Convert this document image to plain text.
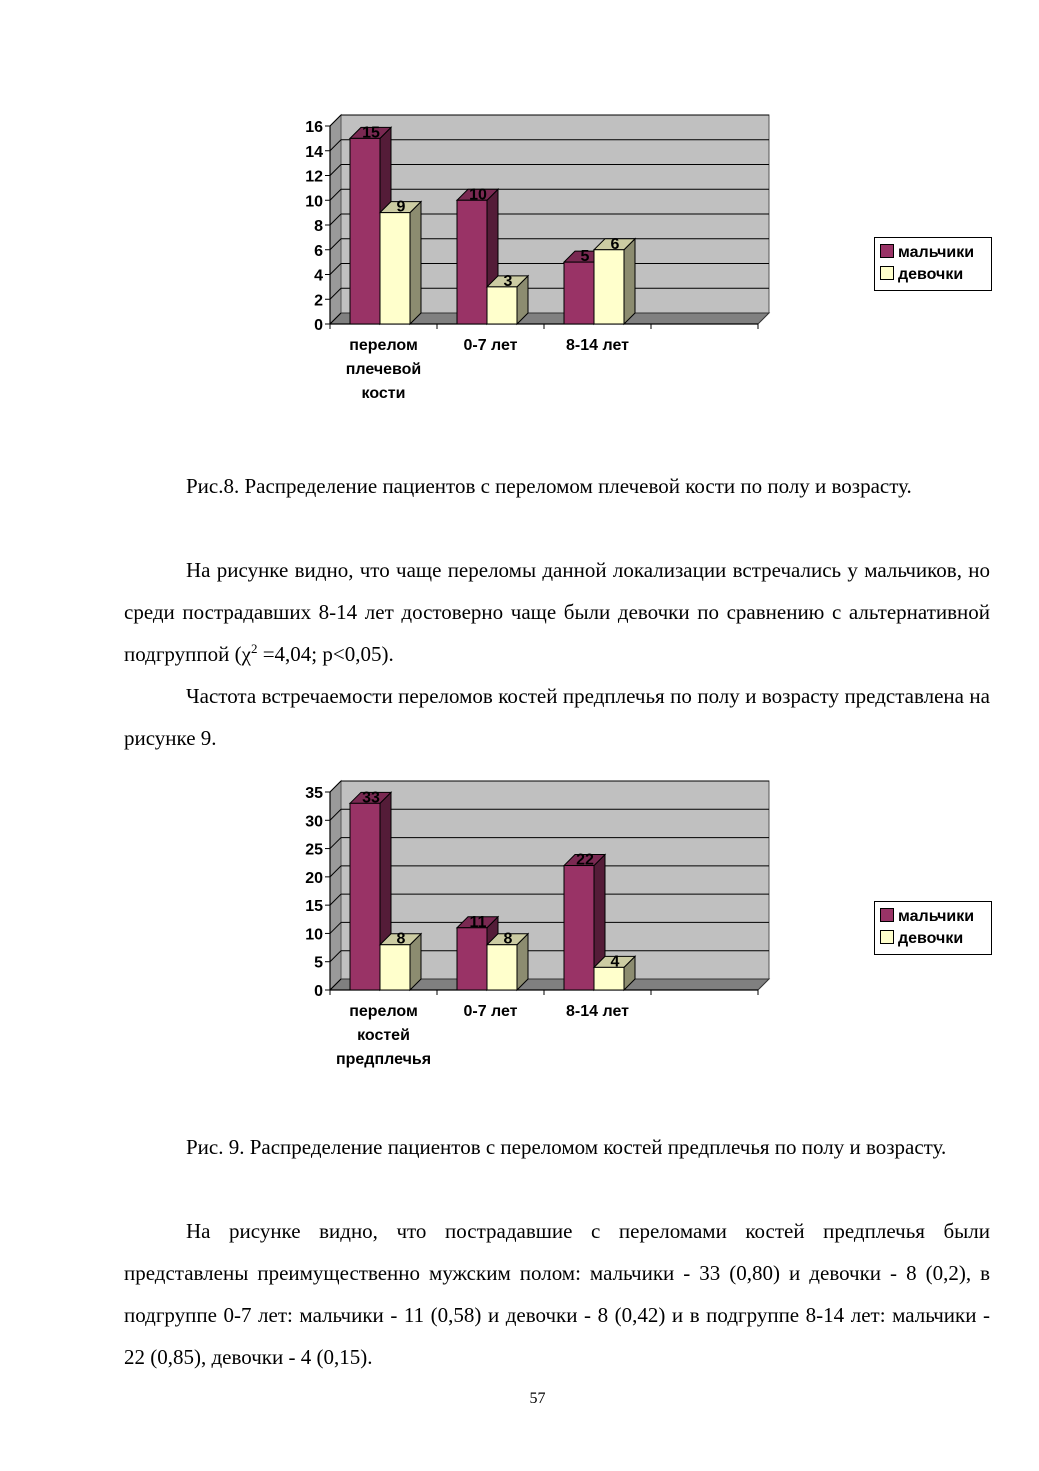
0
2
4
6
8
10
12
14
16 15
10
5
9
3
6
перелом
плечевой
кости
0-7 лет	8-14 лет
мальчики
девочки

Рис.8. Распределение пациентов с переломом плечевой кости по полу и возрасту.

На рисунке видно, что чаще переломы данной локализации встречались у мальчиков, но среди пострадавших 8-14 лет достоверно чаще были девочки по сравнению с альтернативной подгруппой ($\chi^2 =4,04$; p<0,05).

Частота встречаемости переломов костей предплечья по полу и возрасту представлена на рисунке 9.

0
5
10
15
20
25
30
35 33
11
22
8	8
4
перелом
костей
предплечья
0-7 лет	8-14 лет
мальчики
девочки

Рис. 9. Распределение пациентов с переломом костей предплечья по полу и возрасту.

На рисунке видно, что пострадавшие с переломами костей предплечья были представлены преимущественно мужским полом: мальчики - 33 (0,80) и девочки - 8 (0,2), в подгруппе 0-7 лет: мальчики - 11 (0,58) и девочки - 8 (0,42) и в подгруппе 8-14 лет: мальчики - 22 (0,85), девочки - 4 (0,15).

57
